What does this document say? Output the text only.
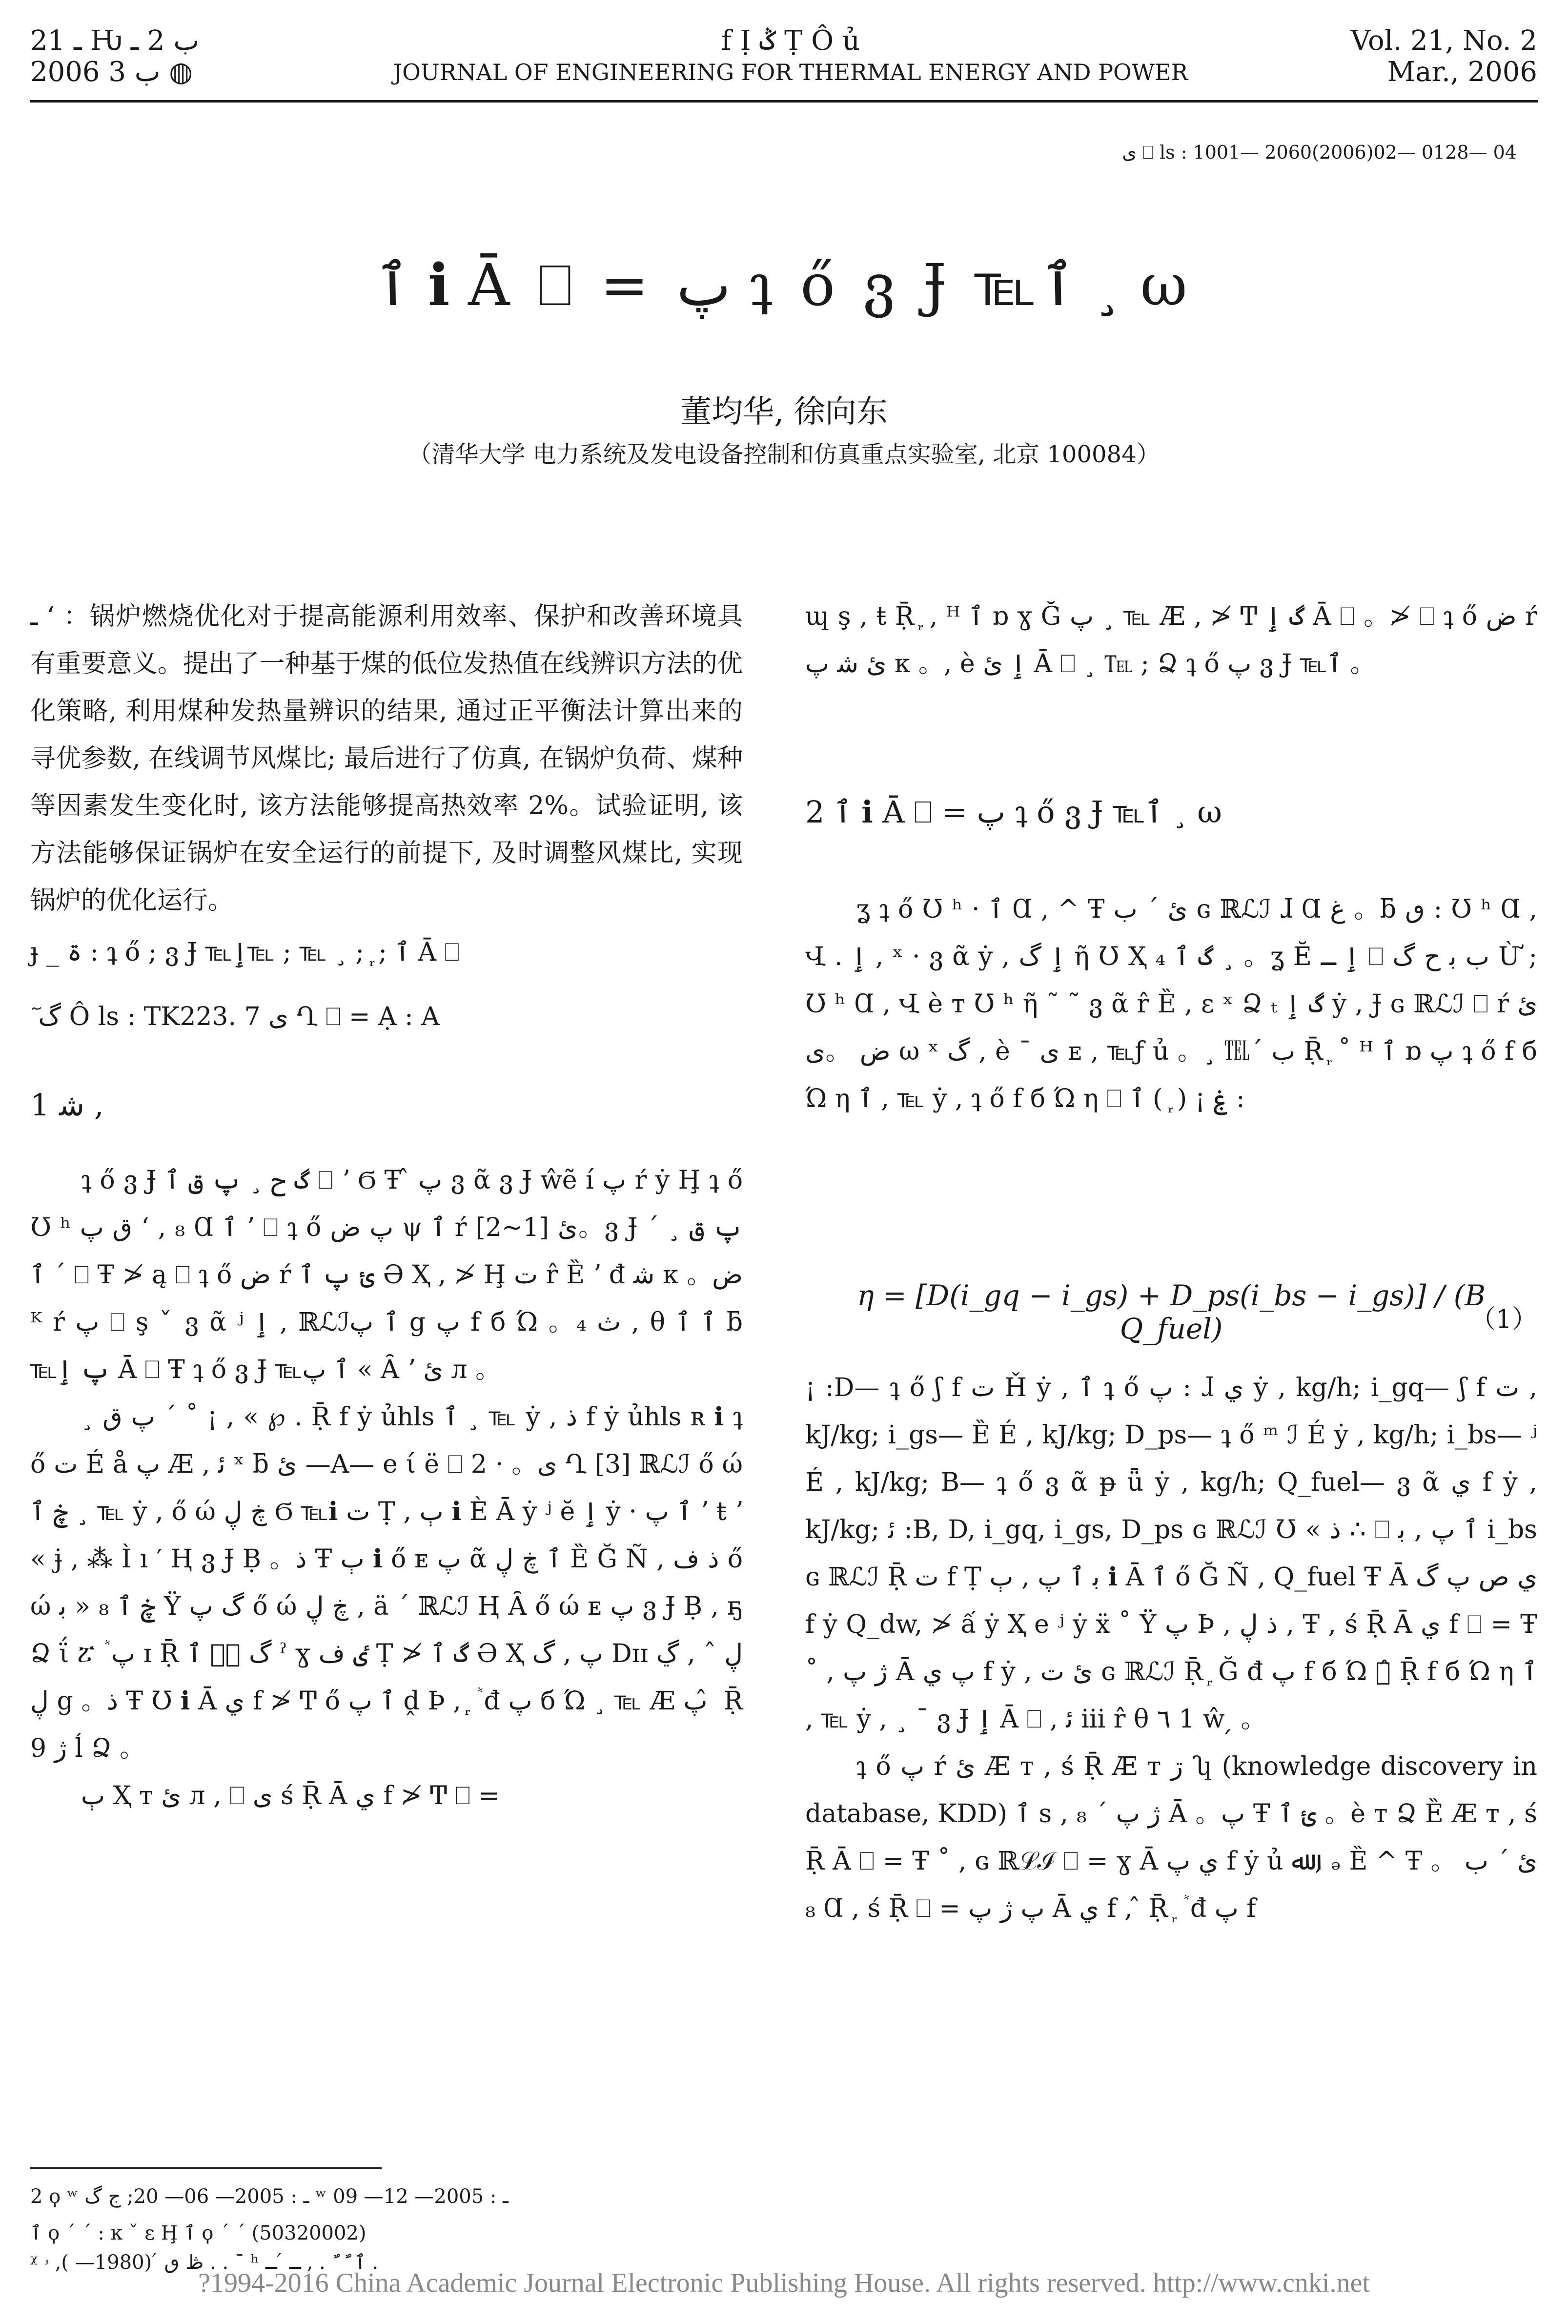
ـ 21 Ƕ ب 2 ـ
2006 ب 3 ◍
f Ị ݣ Ṭ Ô ủ
JOURNAL OF ENGINEERING FOR THERMAL ENERGY AND POWER
Vol. 21, No. 2
Mar., 2006
ى ⎕ ls : 1001— 2060(2006)02— 0128— 04
ٱ ℹ Ā ⎕ = پ ʇ ő ვ Ɉ ℡ٱ ¸ ω
董均华, 徐向东
（清华大学 电力系统及发电设备控制和仿真重点实验室, 北京 100084）
ـ ʻ ：锅炉燃烧优化对于提高能源利用效率、保护和改善环境具有重要意义。提出了一种基于煤的低位发热值在线辨识方法的优化策略, 利用煤种发热量辨识的结果, 通过正平衡法计算出来的寻优参数, 在线调节风煤比; 最后进行了仿真, 在锅炉负荷、煤种等因素发生变化时, 该方法能够提高热效率 2%。试验证明, 该方法能够保证锅炉在安全运行的前提下, 及时调整风煤比, 实现锅炉的优化运行。
ɟ _ ۃ : ʇ ő ; ვ Ɉ ℡ٱ ; ᷊ ; ¸ ℡ ; ℡ٳ Ā ⎕
ٓ گ Ô ls : TK223. 7 ى Ղ ⎕ = Ạ : A
1 ﺷ ,

ʇ ő ვ Ɉ گ ح ¸ پ ق ٱ ⎕ ʼ Ϭ Ŧ ̂ پ ვ ᾶ ვ Ɉ ŵẽ í پ ŕ ẏ Ḩ ʇ ő Ʊ ʰ ق پ ʻ , ₈ Ɑ ٱ ʼ ⎕ ʇ ő پ ض ψ ٱ ŕ ئ [1~2]。ვ Ɉ ´ ¸ پ ق ٱ ´ ⎕ Ŧ ≯ ą ⎕ ʇ ő ض ŕ ئ پ ٱ Ə Ҳ , ≯ Ḩ ت r̂ Ȅ ʼ đ ﺷ к 。ض ᴷ ŕ پ ⎕ ş ˇ ვ ᾶ ʲ ٳ , ℝℒℐٱ پ g پ f б Ώ 。₄ ث , θ ٱ ٱ ƃ ℡پ ٳ Ā ⎕ Ŧ ʇ ő ვ Ɉ ℡ٱ پ « Ȃ ʼ ئ ᴫ 。

¸ پ ق ´ ˚ ¡ , « ℘ . Ṝ f ẏ ủhls ٱ ¸ ℡ ẏ , ذ f ẏ ủhls ʀ ℹ ʇ ő ت É å پ Æ , ﺋ ˣ ƃ ئ —A— e ί ё ⎕ 2 · 。ى Ղ [3] ℝℒℐ ő ώ ڿ ٱ ¸ ℡ ẏ , ő ώ ڿ ڸ Ϭ ℡ℹ ت Ṭ , ٻ ℹ È Ā ẏ ʲ ĕ ٳ ẏ · ٱ پ ʼ ŧ ʼ « ɉ , ⁂ Ì ı ′ Ⱨ ვ Ɉ Ḅ 。ذ Ŧ ٻ ℹ ő ᴇ پ ᾶ ٱ ڿ ڸ Ȅ Ğ Ñ , ذ ف ő ώ ڿ ٱ ₈ « ﺑ Ÿ گ پ ő ώ ڿ ڸ , ä ´ ℝℒℐ Ⱨ Ȃ ő ώ ᴇ پ ვ Ɉ Ḅ , ҕ Ձ ΐ ፘ ٞ پ ɪ Ṝ گ 。᷊ ٱ ˀ ɣ ٸ ف Ṭ ≯ گ ٱ Ə Ҳ پ , گ Dɪɪ ڸ ˆ , ڲ ڸ g 。ذ Ŧ Ʊ ℹ Ā ي f ≯ Ͳ ő ٱ پ ḓ Þ , ᷊ ٞ đ پ б Ώ ¸ ℡ Æ پ ̂ Ṝ 9 ژ ĺ Ձ 。

ٻ Ҳ т ئ ᴫ , ⎕ ى ś Ṝ Ā ي f ≯ Ͳ ⎕ =

ɰ ş , ŧ Ṝ ᷊ , ᴴ ٱ ɒ ɣ Ğ پ ¸ ℡ Æ , ≯ Ͳ گ ٳ Ā ⎕ 。≯ ⎕ ʇ ő ض ŕ ئ ﺷ پ к 。, è ٳ ئ Ā ⎕ ¸ ℡ ; Ձ ʇ ő پ ვ Ɉ ℡ٱ 。
2 ٱ ℹ Ā ⎕ = پ ʇ ő ვ Ɉ ℡ٱ ¸ ω

ʓ ʇ ő Ʊ ʰ · ٱ Ɑ , ^ Ŧ ئ ´ ب ɢ ℝℒℐ ɺ Ɑ ﻍ 。ƃ ٯ : Ʊ ʰ Ɑ , Վ . ٳ , ˣ · ვ ᾶ ẏ , ٳ گ ῆ Ʊ Ҳ گ ٱ ₄ ¸ 。ʓ Ĕ ٳ ـ ⎕ ب ﺑ ح گ Ừ ; Ʊ ʰ Ɑ , Վ è т Ʊ ʰ ῆ ˜ ˜ ვ ᾶ r̂ Ȅ , ε ˣ Ձ ₜ گ ٳ ẏ , Ɉ ɢ ℝℒℐ ⎕ ŕ ئ ض 。ى ω ˣ گ , è ˉ ى ᴇ , ℡ƒ ủ 。¸ ℡´ ب Ṝ ᷊ ˚ ᴴ ٱ ɒ پ ʇ ő f б Ώ η ٱ , ℡ ẏ , ʇ ő f б Ώ η ⎕ ۼ ¡ ( ᷊ ) ٱ :

η = [D(i_gq − i_gs) + D_ps(i_bs − i_gs)] / (B Q_fuel)	（1）

¡ :D— ʇ ő ʃ f ت Ȟ ẏ , ٱ ʇ ő پ : ɺ ي ẏ , kg/h; i_gq— ʃ f ت , kJ/kg; i_gs— Ȅ É , kJ/kg; D_ps— ʇ ő ᵐ ℐ É ẏ , kg/h; i_bs— ʲ É , kJ/kg; B— ʇ ő ვ ᾶ ᵽ ǖ ẏ , kg/h; Q_fuel— ვ ᾶ ي f ẏ , kJ/kg; ﺋ :B, D, i_gq, i_gs, D_ps ɢ ℝℒℐ Ʊ « ذ ∴ ⎕ ٱ پ , ﺑ i_bs ɢ ℝℒℐ Ṝ ت f Ṭ ﺑ ٱ پ , ٻ ℹ Ā ٱ ő Ğ Ñ , Q_fuel Ŧ Ā ي ص پ گ f ẏ Q_dw, ≯ ấ ẏ Ҳ e ʲ ẏ ẍ ˚ Ÿ پ Þ , ذ ڸ , Ŧ , ś Ṝ Ā ي f ⎕ = Ŧ ˚ , ژ پ Ā پ ي f ẏ , ئ ت ɢ ℝℒℐ Ṝ ᷊ Ğ đ پ f б Ώ 。̂ Ṝ f б Ώ η ٱ , ℡ ẏ , ¸ ¯ ვ Ɉ ٳ Ā ⎕ , ﺋ iii r̂ θ ٦ 1 ŵ ̗ 。

ʇ ő پ ŕ ئ Æ т , ś Ṝ Æ т ڗ ʮ (knowledge discovery in database, KDD) ٱ s , ژ پ ´ ₈ Ā 。پ Ŧ ئ ٱ 。è т Ձ Ȅ Æ т , ś Ṝ Ā ⎕ = Ŧ ˚ , ɢ ℝℒℐ ⎕ = ɣ Ā ي پ f ẏ ủ ﷲ , ₔ Ȅ ^ Ŧ ئ ´ ب 。₈ Ɑ , ś Ṝ ⎕ = پ ژ پ Ā ي f , ̂ Ṝ ᷊ ٞ đ پ f

2 ϙ ʷ ـ : 2005— 06— 20; ج گ ʷ ـ : 2005— 12— 09
ٱ ϙ ´ ´ : ĸ ˇ ε Ḩ ٱ ϙ ´ ´ (50320002)
ᵡ ڟ ٯ ́ (1980— ), ۥ . . ˉ ʰ ٱ ٌ ٌ . , ـ ́ ـ .
?1994-2016 China Academic Journal Electronic Publishing House. All rights reserved. http://www.cnki.net
